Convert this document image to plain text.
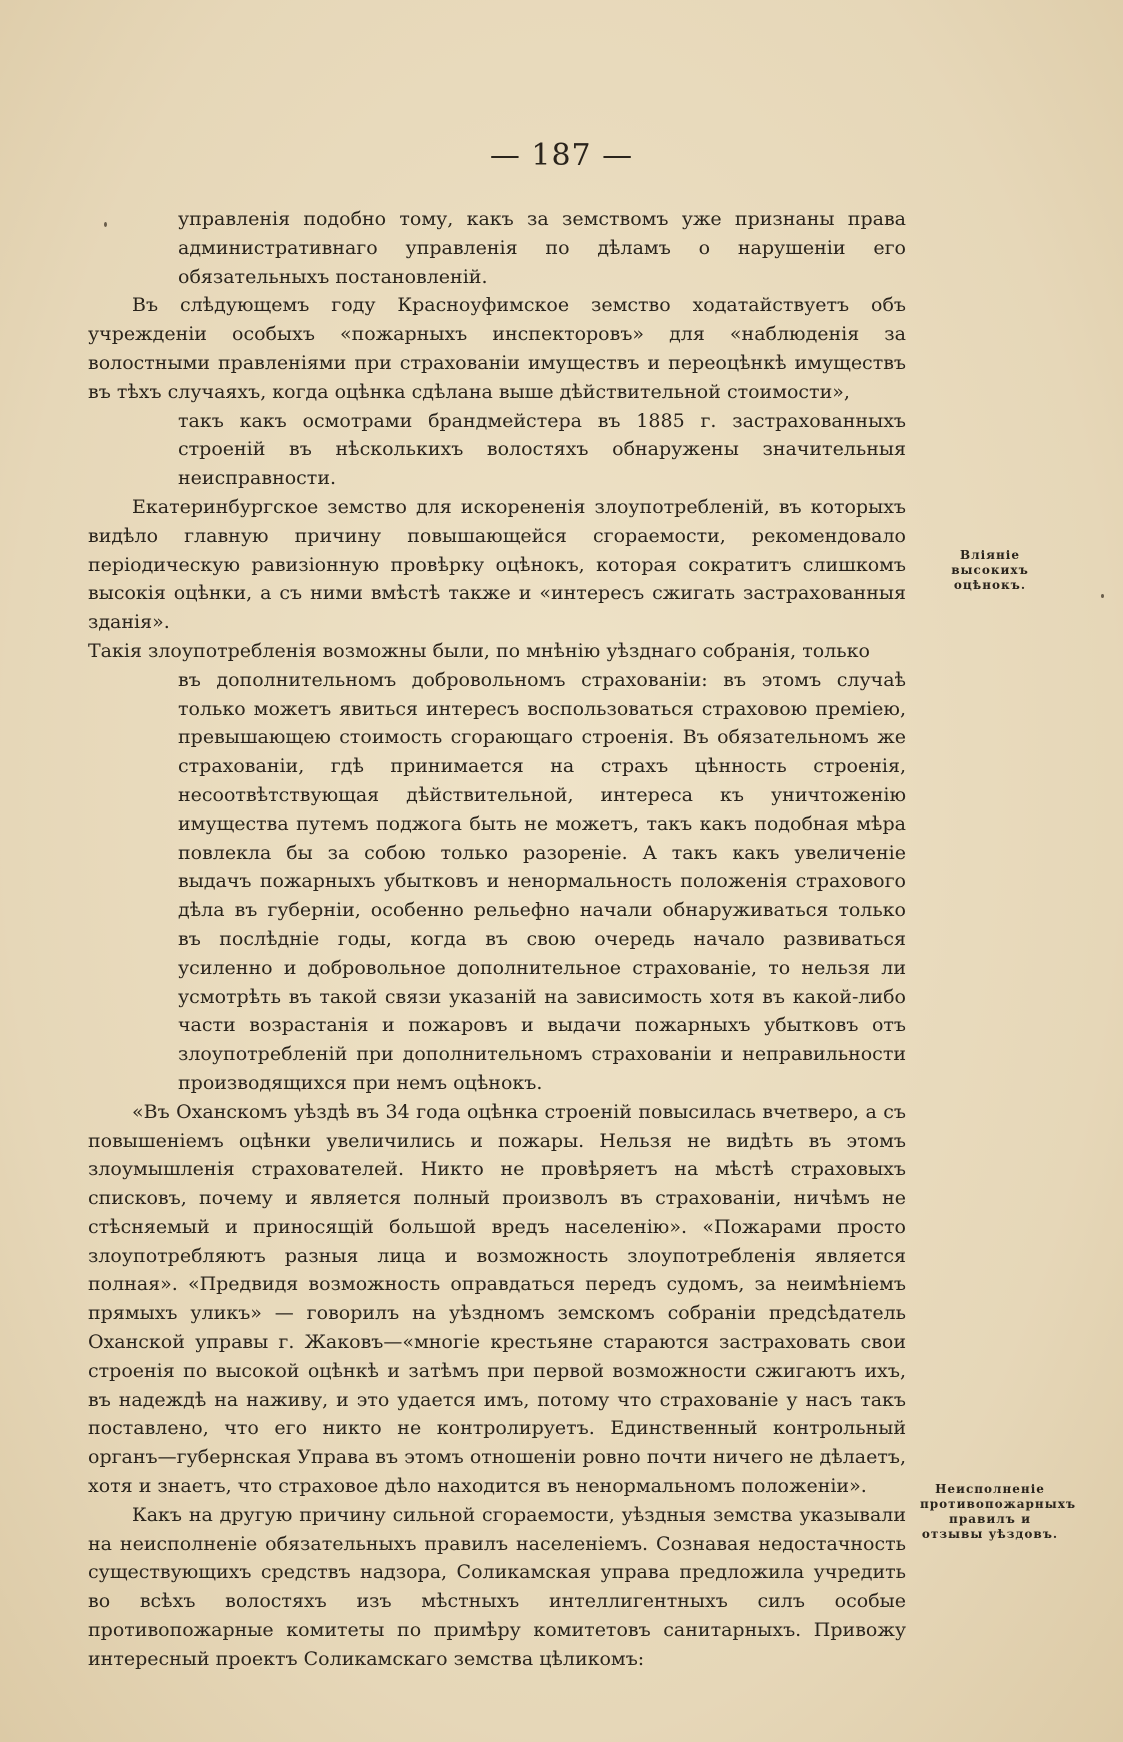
— 187 —

управленія подобно тому, какъ за земствомъ уже признаны права административнаго управленія по дѣламъ о нарушеніи его обязательныхъ постановленій.

Въ слѣдующемъ году Красноуфимское земство ходатайствуетъ объ учрежденіи особыхъ «пожарныхъ инспекторовъ» для «наблюденія за волостными правленіями при страхованіи имуществъ и переоцѣнкѣ имуществъ въ тѣхъ случаяхъ, когда оцѣнка сдѣлана выше дѣйствительной стоимости»,

такъ какъ осмотрами брандмейстера въ 1885 г. застрахованныхъ строеній въ нѣсколькихъ волостяхъ обнаружены значительныя неисправности.

Екатеринбургское земство для искорененія злоупотребленій, въ которыхъ видѣло главную причину повышающейся сгораемости, рекомендовало періодическую равизіонную провѣрку оцѣнокъ, которая сократитъ слишкомъ высокія оцѣнки, а съ ними вмѣстѣ также и «интересъ сжигать застрахованныя зданія».

Такія злоупотребленія возможны были, по мнѣнію уѣзднаго собранія, только

въ дополнительномъ добровольномъ страхованіи: въ этомъ случаѣ только можетъ явиться интересъ воспользоваться страховою преміею, превышающею стоимость сгорающаго строенія. Въ обязательномъ же страхованіи, гдѣ принимается на страхъ цѣнность строенія, несоотвѣтствующая дѣйствительной, интереса къ уничтоженію имущества путемъ поджога быть не можетъ, такъ какъ подобная мѣра повлекла бы за собою только разореніе. А такъ какъ увеличеніе выдачъ пожарныхъ убытковъ и ненормальность положенія страхового дѣла въ губерніи, особенно рельефно начали обнаруживаться только въ послѣдніе годы, когда въ свою очередь начало развиваться усиленно и добровольное дополнительное страхованіе, то нельзя ли усмотрѣть въ такой связи указаній на зависимость хотя въ какой-либо части возрастанія и пожаровъ и выдачи пожарныхъ убытковъ отъ злоупотребленій при дополнительномъ страхованіи и неправильности производящихся при немъ оцѣнокъ.

«Въ Оханскомъ уѣздѣ въ 34 года оцѣнка строеній повысилась вчетверо, а съ повышеніемъ оцѣнки увеличились и пожары. Нельзя не видѣть въ этомъ злоумышленія страхователей. Никто не провѣряетъ на мѣстѣ страховыхъ списковъ, почему и является полный произволъ въ страхованіи, ничѣмъ не стѣсняемый и приносящій большой вредъ населенію». «Пожарами просто злоупотребляютъ разныя лица и возможность злоупотребленія является полная». «Предвидя возможность оправдаться передъ судомъ, за неимѣніемъ прямыхъ уликъ» — говорилъ на уѣздномъ земскомъ собраніи предсѣдатель Оханской управы г. Жаковъ—«многіе крестьяне стараются застраховать свои строенія по высокой оцѣнкѣ и затѣмъ при первой возможности сжигаютъ ихъ, въ надеждѣ на наживу, и это удается имъ, потому что страхованіе у насъ такъ поставлено, что его никто не контролируетъ. Единственный контрольный органъ—губернская Управа въ этомъ отношеніи ровно почти ничего не дѣлаетъ, хотя и знаетъ, что страховое дѣло находится въ ненормальномъ положеніи».

Какъ на другую причину сильной сгораемости, уѣздныя земства указывали на неисполненіе обязательныхъ правилъ населеніемъ. Сознавая недостачность существующихъ средствъ надзора, Соликамская управа предложила учредить во всѣхъ волостяхъ изъ мѣстныхъ интеллигентныхъ силъ особые противопожарные комитеты по примѣру комитетовъ санитарныхъ. Привожу интересный проектъ Соликамскаго земства цѣликомъ:

Вліяніе высокихъ оцѣнокъ.
Неисполненіе противопожарныхъ правилъ и отзывы уѣздовъ.
